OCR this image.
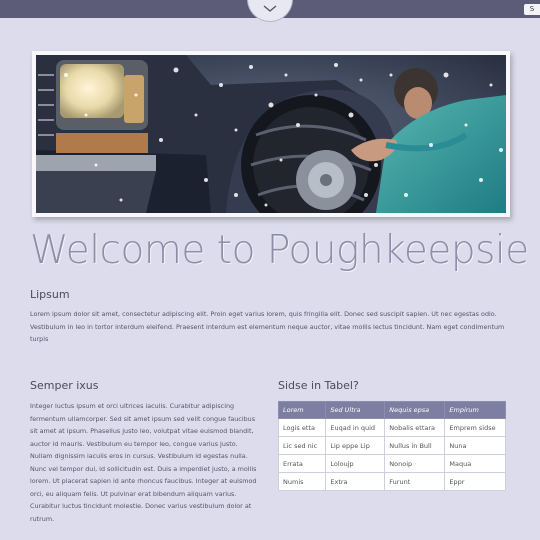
S
Welcome to Poughkeepsie
Lipsum

Lorem ipsum dolor sit amet, consectetur adipiscing elit. Proin eget varius lorem, quis fringilla elit. Donec sed suscipit sapien. Ut nec egestas odio. Vestibulum in leo in tortor interdum eleifend. Praesent interdum est elementum neque auctor, vitae mollis lectus tincidunt. Nam eget condimentum turpis

Semper ixus

Integer luctus ipsum et orci ultrices iaculis. Curabitur adipiscing fermentum ullamcorper. Sed sit amet ipsum sed velit congue faucibus sit amet at ipsum. Phasellus justo leo, volutpat vitae euismod blandit, auctor id mauris. Vestibulum eu tempor leo, congue varius justo. Nullam dignissim iaculis eros in cursus. Vestibulum id egestas nulla. Nunc vel tempor dui, id sollicitudin est. Duis a imperdiet justo, a mollis lorem. Ut placerat sapien id ante rhoncus faucibus. Integer at euismod orci, eu aliquam felis. Ut pulvinar erat bibendum aliquam varius. Curabitur luctus tincidunt molestie. Donec varius vestibulum dolor at rutrum.

Sidse in Tabel?
Lorem	Sed Ultra	Nequis epsa	Empirum
Logis etta	Euqad in quid	Nobalis ettara	Emprem sidse
Lic sed nic	Lip eppe Lip	Nullus in Bull	Nuna
Errata	Loloujp	Nonoip	Maqua
Numis	Extra	Furunt	Eppr
